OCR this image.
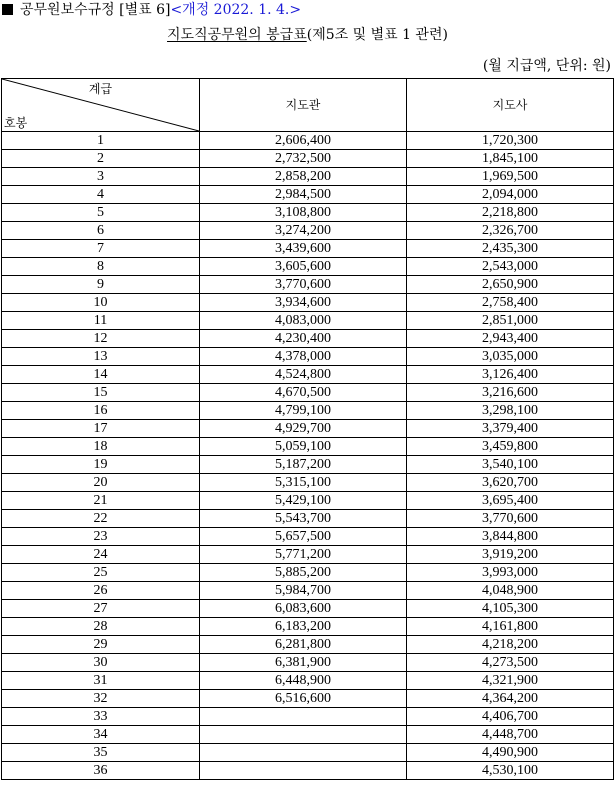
공무원보수규정 [별표 6]<개정 2022. 1. 4.>
지도직공무원의 봉급표(제5조 및 별표 1 관련)
(월 지급액, 단위: 원)
계급
호봉	지도관	지도사
1	2,606,400	1,720,300
2	2,732,500	1,845,100
3	2,858,200	1,969,500
4	2,984,500	2,094,000
5	3,108,800	2,218,800
6	3,274,200	2,326,700
7	3,439,600	2,435,300
8	3,605,600	2,543,000
9	3,770,600	2,650,900
10	3,934,600	2,758,400
11	4,083,000	2,851,000
12	4,230,400	2,943,400
13	4,378,000	3,035,000
14	4,524,800	3,126,400
15	4,670,500	3,216,600
16	4,799,100	3,298,100
17	4,929,700	3,379,400
18	5,059,100	3,459,800
19	5,187,200	3,540,100
20	5,315,100	3,620,700
21	5,429,100	3,695,400
22	5,543,700	3,770,600
23	5,657,500	3,844,800
24	5,771,200	3,919,200
25	5,885,200	3,993,000
26	5,984,700	4,048,900
27	6,083,600	4,105,300
28	6,183,200	4,161,800
29	6,281,800	4,218,200
30	6,381,900	4,273,500
31	6,448,900	4,321,900
32	6,516,600	4,364,200
33		4,406,700
34		4,448,700
35		4,490,900
36		4,530,100
